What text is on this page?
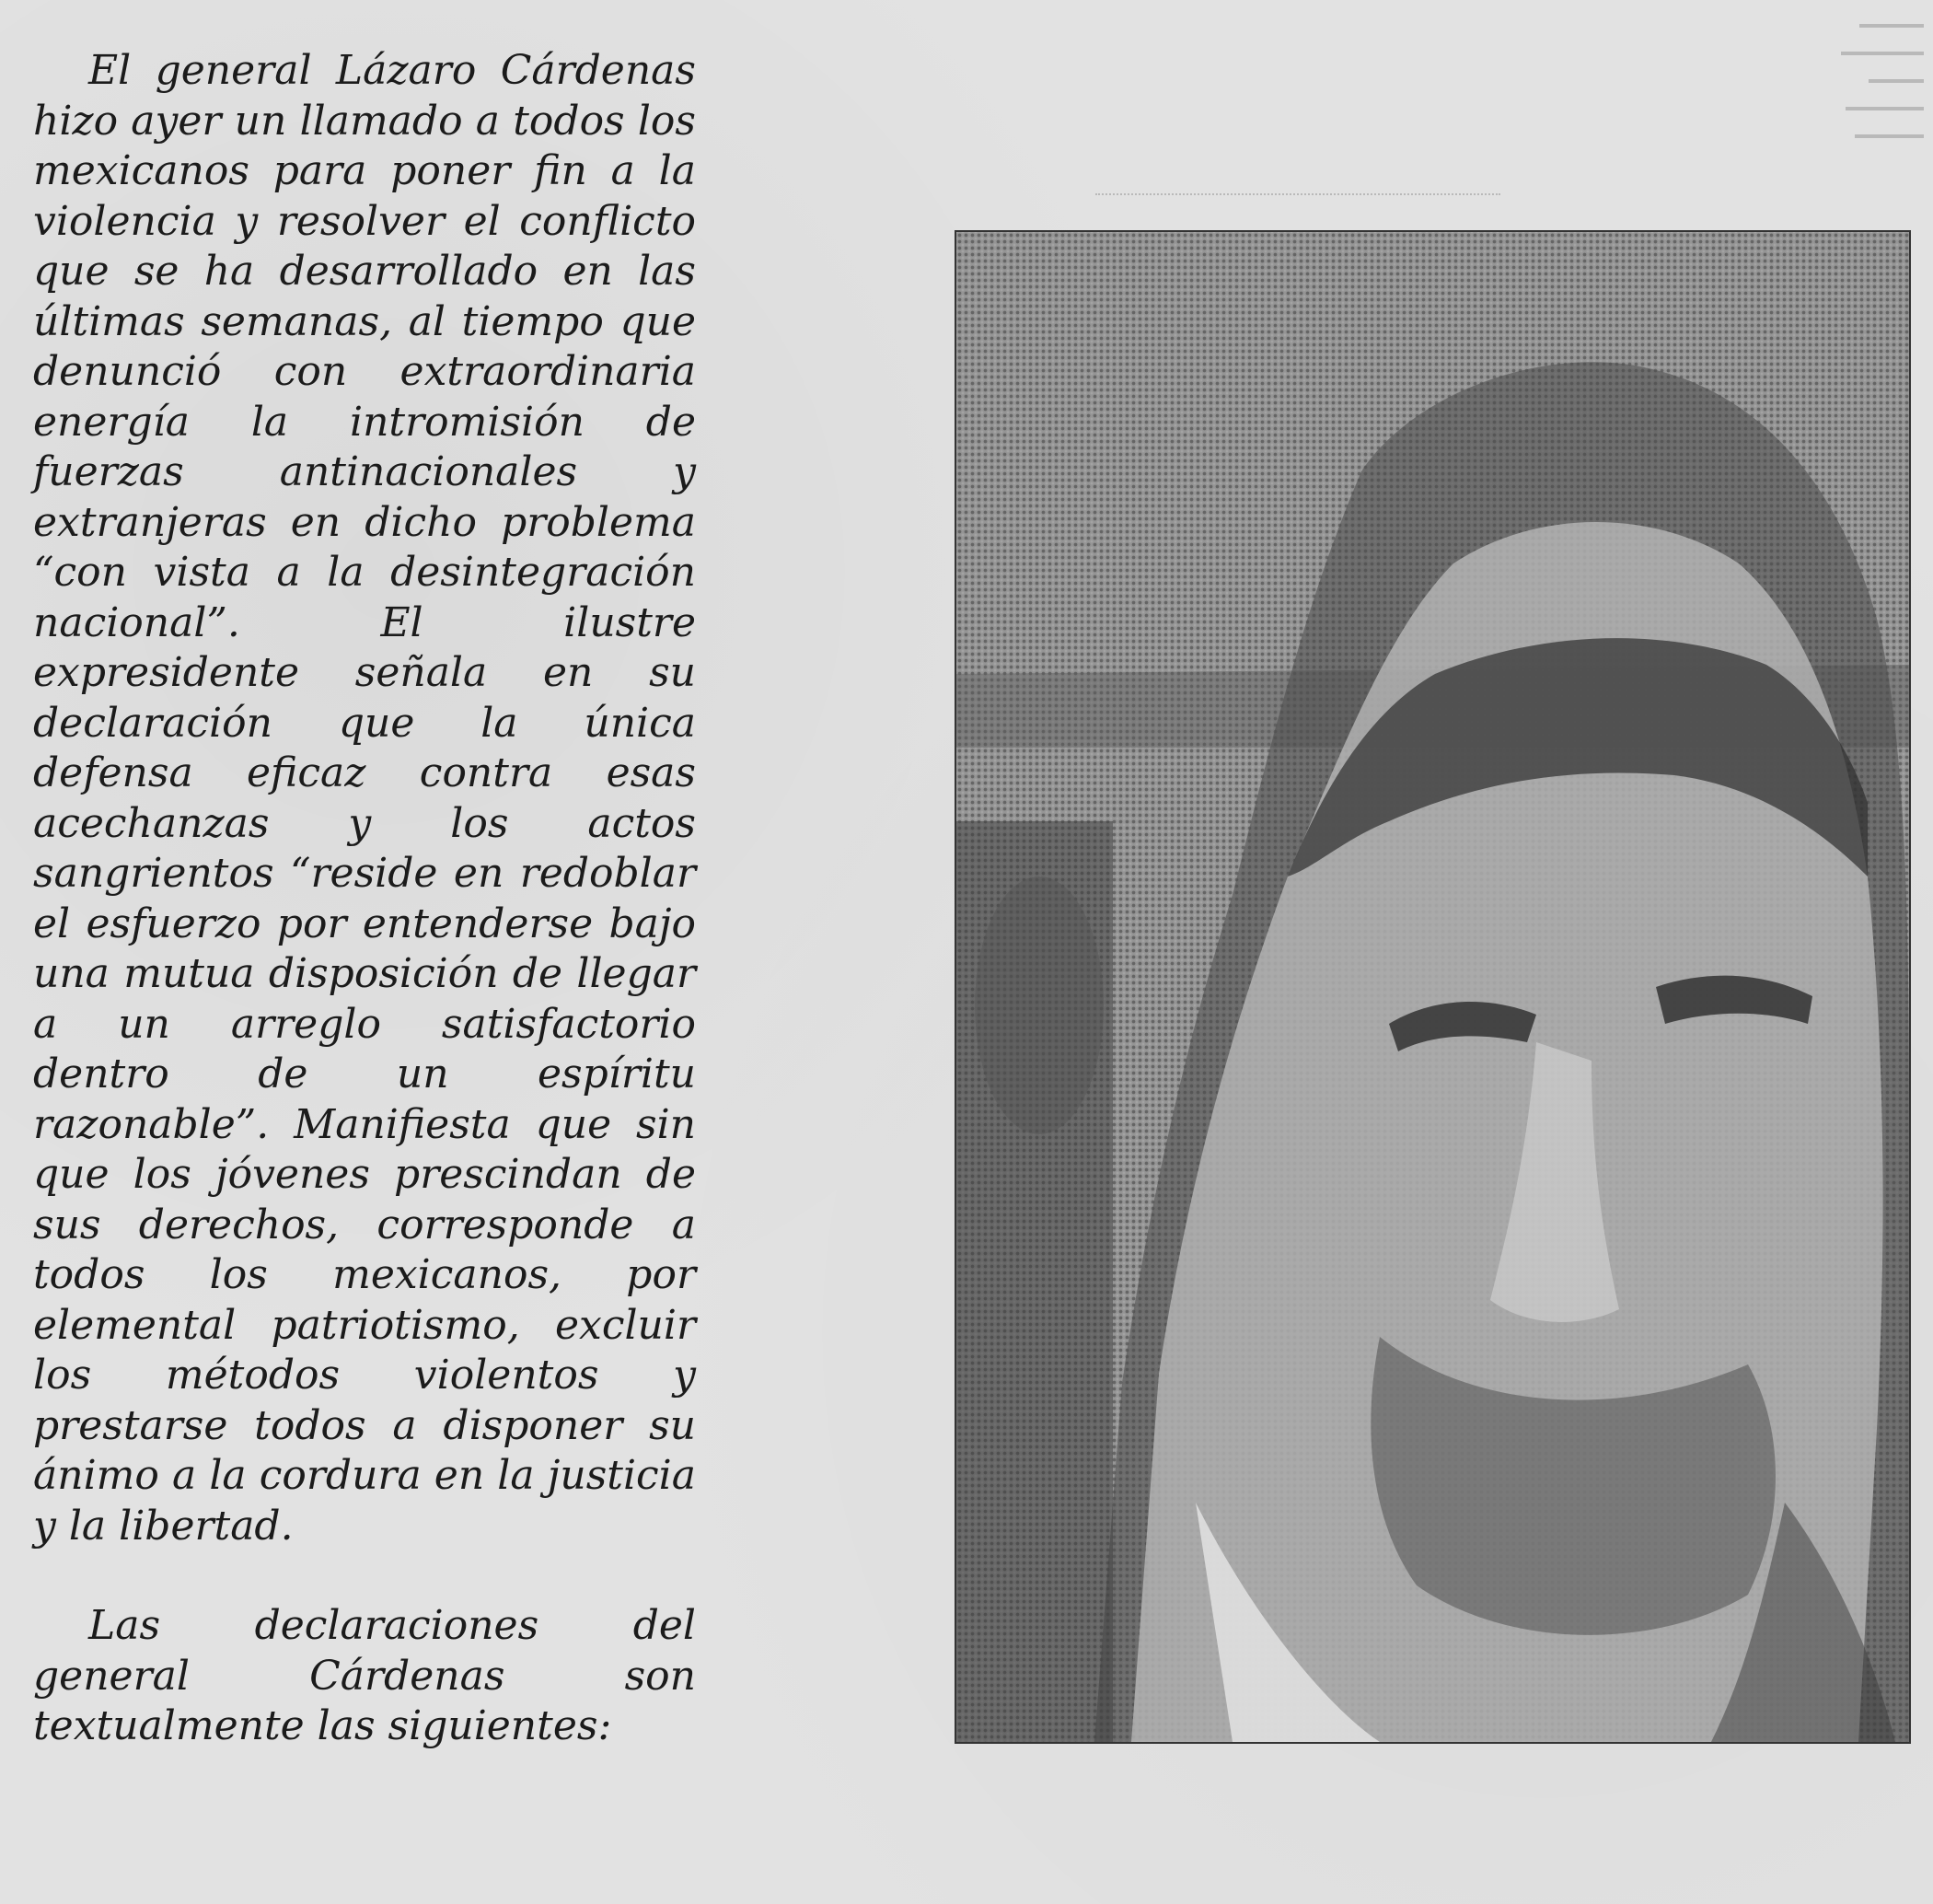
El general Lázaro Cárdenas hizo ayer un llamado a todos los mexicanos para poner fin a la violencia y resolver el conflicto que se ha desarrollado en las últimas semanas, al tiempo que denunció con extraordinaria energía la intromisión de fuerzas antinacionales y extranjeras en dicho problema “con vista a la desintegración nacional”. El ilustre expresidente señala en su declaración que la única defensa eficaz contra esas acechanzas y los actos sangrientos “reside en redoblar el esfuerzo por entenderse bajo una mutua disposición de llegar a un arreglo satisfactorio dentro de un espíritu razonable”. Manifiesta que sin que los jóvenes prescindan de sus derechos, corresponde a todos los mexicanos, por elemental patriotismo, excluir los métodos violentos y prestarse todos a disponer su ánimo a la cordura en la justicia y la libertad.

Las declaraciones del general Cárdenas son textualmente las siguientes:
